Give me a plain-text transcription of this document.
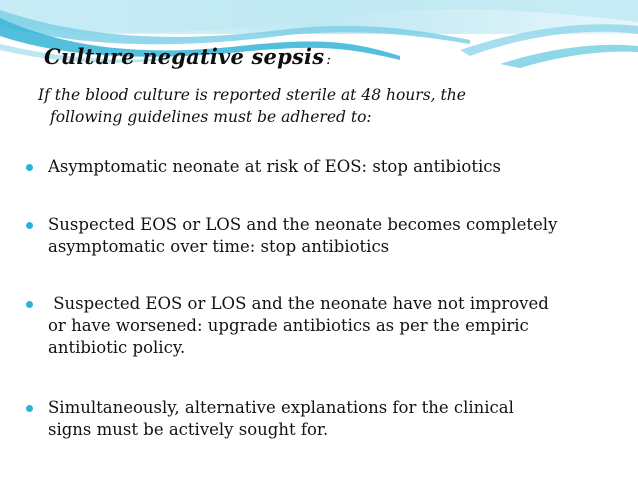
Culture negative sepsis :
If the blood culture is reported sterile at 48 hours, the
following guidelines must be adhered to:
Asymptomatic neonate at risk of EOS: stop antibiotics
Suspected EOS or LOS and the neonate becomes completely
asymptomatic over time: stop antibiotics
Suspected EOS or LOS and the neonate have not improved
or have worsened: upgrade antibiotics as per the empiric
antibiotic policy.
Simultaneously, alternative explanations for the clinical
signs must be actively sought for.
